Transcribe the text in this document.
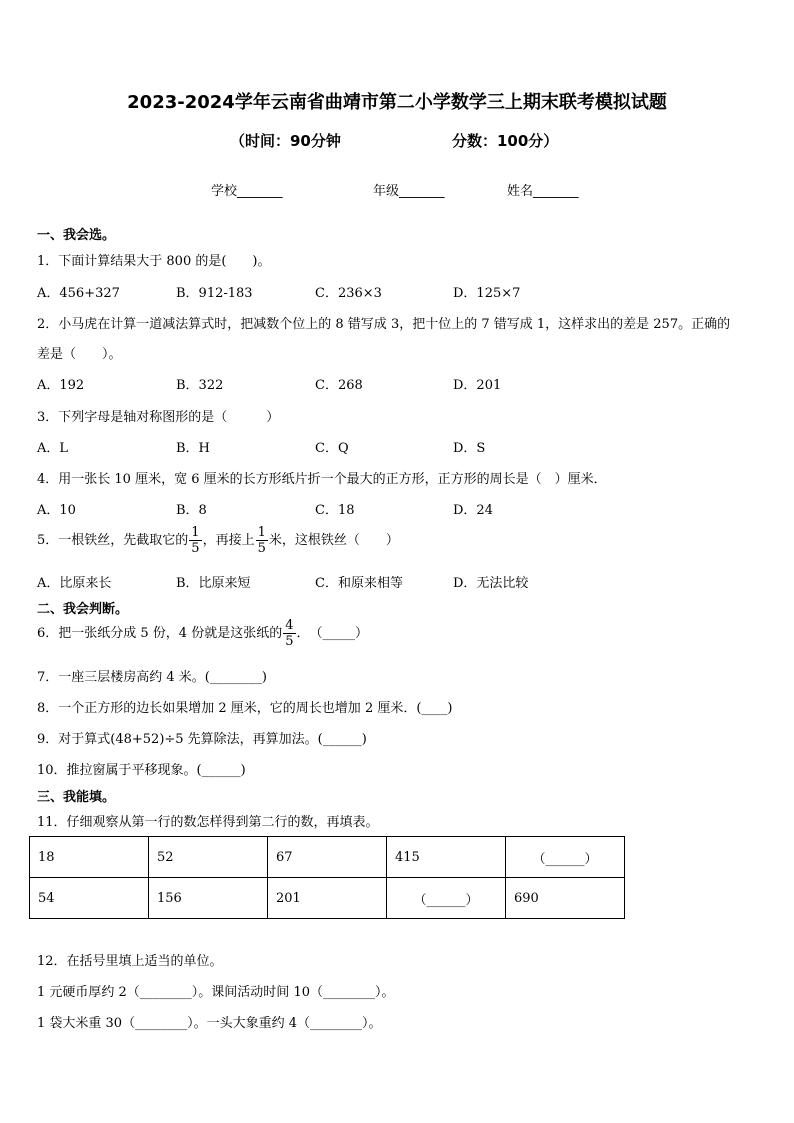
2023-2024学年云南省曲靖市第二小学数学三上期末联考模拟试题
（时间：90分钟	分数：100分）
学校_______	年级_______	姓名_______
一、我会选。
1．下面计算结果大于 800 的是(　　)。
A．456+327	B．912-183	C．236×3	D．125×7
2．小马虎在计算一道减法算式时，把减数个位上的 8 错写成 3，把十位上的 7 错写成 1，这样求出的差是 257。正确的
差是（　　）。
A．192	B．322	C．268	D．201
3．下列字母是轴对称图形的是（　　　）
A．L	B．H	C．Q	D．S
4．用一张长 10 厘米，宽 6 厘米的长方形纸片折一个最大的正方形，正方形的周长是（　）厘米．
A．10	B．8	C．18	D．24
5．一根铁丝，先截取它的 $\frac{1}{5}$ ，再接上 $\frac{1}{5}$ 米，这根铁丝（　　）
A．比原来长	B．比原来短	C．和原来相等	D．无法比较
二、我会判断。
6．把一张纸分成 5 份，4 份就是这张纸的 $\frac{4}{5}$ ．　（_____）
7．一座三层楼房高约 4 米。(________)
8．一个正方形的边长如果增加 2 厘米，它的周长也增加 2 厘米．(____)
9．对于算式(48+52)÷5 先算除法，再算加法。(______)
10．推拉窗属于平移现象。(______)
三、我能填。
11．仔细观察从第一行的数怎样得到第二行的数，再填表。
18	52	67	415	（______）
54	156	201	（______）	690
12．在括号里填上适当的单位。
1 元硬币厚约 2（________）。课间活动时间 10（________）。
1 袋大米重 30（________）。一头大象重约 4（________）。
